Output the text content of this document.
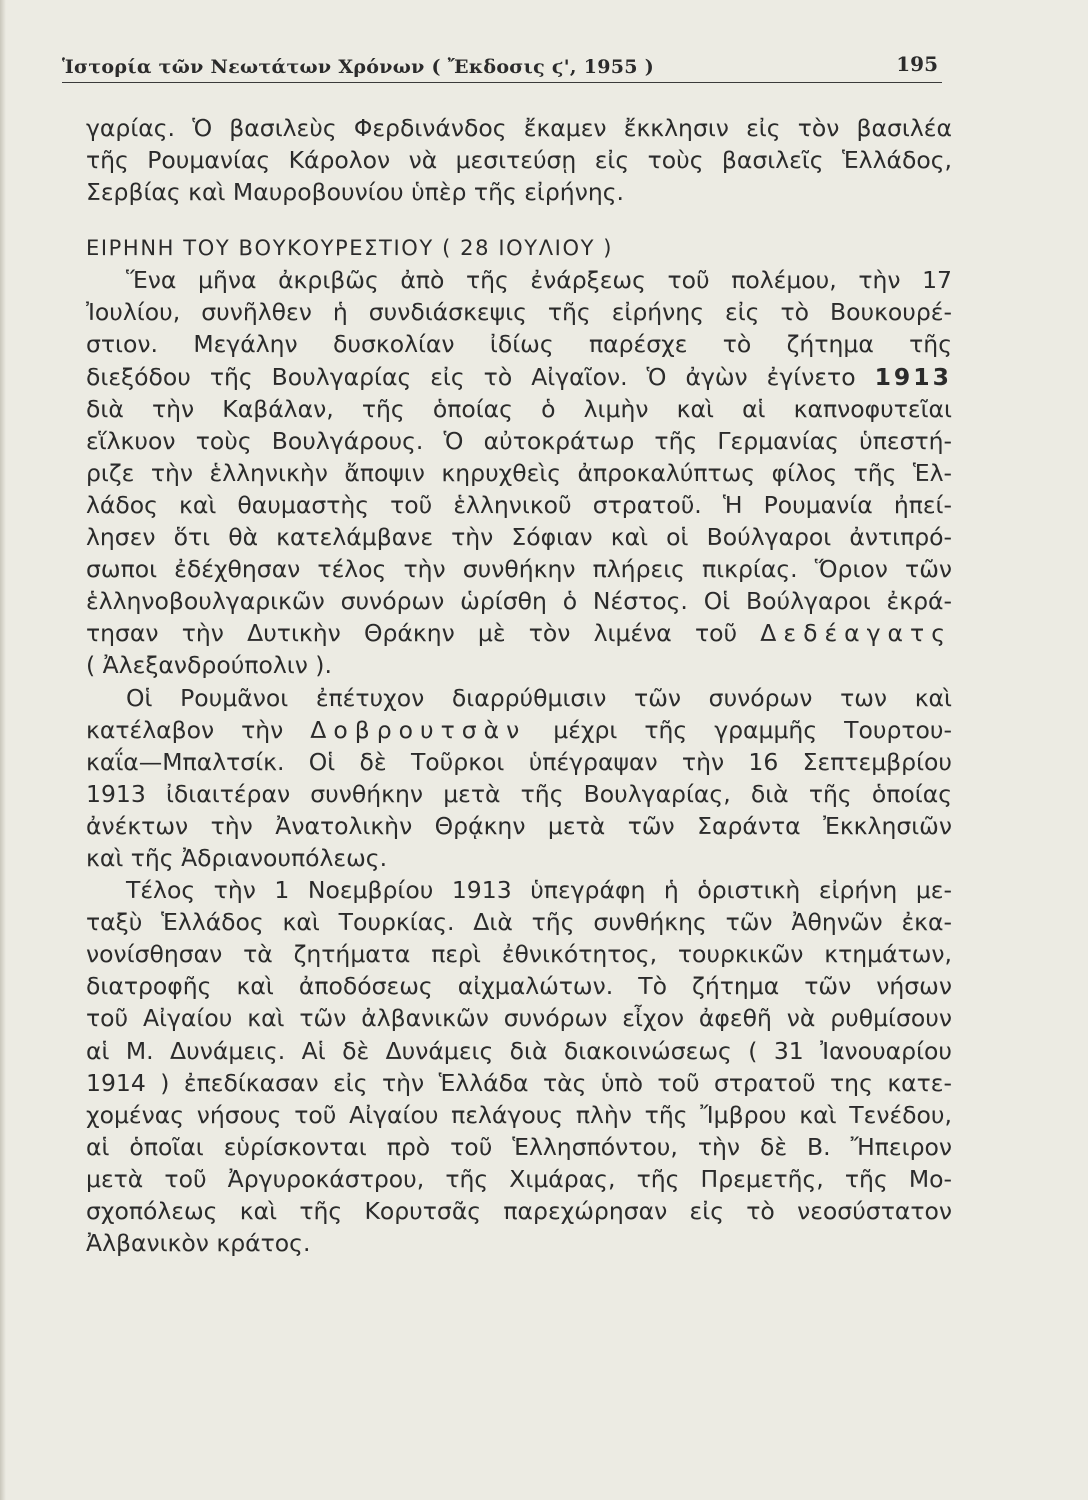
Ἱστορία τῶν Νεωτάτων Χρόνων ( Ἔκδοσις ϛ', 1955 )	195
γαρίας. Ὁ βασιλεὺς Φερδινάνδος ἔκαμεν ἔκκλησιν εἰς τὸν βασιλέα
τῆς Ρουμανίας Κάρολον νὰ μεσιτεύσῃ εἰς τοὺς βασιλεῖς Ἑλλάδος,
Σερβίας καὶ Μαυροβουνίου ὑπὲρ τῆς εἰρήνης.
ΕΙΡΗΝΗ ΤΟΥ ΒΟΥΚΟΥΡΕΣΤΙΟΥ ( 28 ΙΟΥΛΙΟΥ )
Ἕνα μῆνα ἀκριβῶς ἀπὸ τῆς ἐνάρξεως τοῦ πολέμου, τὴν 17
Ἰουλίου, συνῆλθεν ἡ συνδιάσκεψις τῆς εἰρήνης εἰς τὸ Βουκουρέ-
στιον. Μεγάλην δυσκολίαν ἰδίως παρέσχε τὸ ζήτημα τῆς
διεξόδου τῆς Βουλγαρίας εἰς τὸ Αἰγαῖον. Ὁ ἀγὼν ἐγίνετο 1913
διὰ τὴν Καβάλαν, τῆς ὁποίας ὁ λιμὴν καὶ αἱ καπνοφυτεῖαι
εἵλκυον τοὺς Βουλγάρους. Ὁ αὐτοκράτωρ τῆς Γερμανίας ὑπεστή-
ριζε τὴν ἑλληνικὴν ἄποψιν κηρυχθεὶς ἀπροκαλύπτως φίλος τῆς Ἑλ-
λάδος καὶ θαυμαστὴς τοῦ ἑλληνικοῦ στρατοῦ. Ἡ Ρουμανία ἠπεί-
λησεν ὅτι θὰ κατελάμβανε τὴν Σόφιαν καὶ οἱ Βούλγαροι ἀντιπρό-
σωποι ἐδέχθησαν τέλος τὴν συνθήκην πλήρεις πικρίας. Ὅριον τῶν
ἑλληνοβουλγαρικῶν συνόρων ὡρίσθη ὁ Νέστος. Οἱ Βούλγαροι ἐκρά-
τησαν τὴν Δυτικὴν Θράκην μὲ τὸν λιμένα τοῦ Δεδέαγατς
( Ἀλεξανδρούπολιν ).
Οἱ Ρουμᾶνοι ἐπέτυχον διαρρύθμισιν τῶν συνόρων των καὶ
κατέλαβον τὴν Δοβρουτσὰν μέχρι τῆς γραμμῆς Τουρτου-
καΐα—Μπαλτσίκ. Οἱ δὲ Τοῦρκοι ὑπέγραψαν τὴν 16 Σεπτεμβρίου
1913 ἰδιαιτέραν συνθήκην μετὰ τῆς Βουλγαρίας, διὰ τῆς ὁποίας
ἀνέκτων τὴν Ἀνατολικὴν Θρᾴκην μετὰ τῶν Σαράντα Ἐκκλησιῶν
καὶ τῆς Ἀδριανουπόλεως.
Τέλος τὴν 1 Νοεμβρίου 1913 ὑπεγράφη ἡ ὁριστικὴ εἰρήνη με-
ταξὺ Ἑλλάδος καὶ Τουρκίας. Διὰ τῆς συνθήκης τῶν Ἀθηνῶν ἐκα-
νονίσθησαν τὰ ζητήματα περὶ ἐθνικότητος, τουρκικῶν κτημάτων,
διατροφῆς καὶ ἀποδόσεως αἰχμαλώτων. Τὸ ζήτημα τῶν νήσων
τοῦ Αἰγαίου καὶ τῶν ἀλβανικῶν συνόρων εἶχον ἀφεθῆ νὰ ρυθμίσουν
αἱ Μ. Δυνάμεις. Αἱ δὲ Δυνάμεις διὰ διακοινώσεως ( 31 Ἰανουαρίου
1914 ) ἐπεδίκασαν εἰς τὴν Ἑλλάδα τὰς ὑπὸ τοῦ στρατοῦ της κατε-
χομένας νήσους τοῦ Αἰγαίου πελάγους πλὴν τῆς Ἴμβρου καὶ Τενέδου,
αἱ ὁποῖαι εὑρίσκονται πρὸ τοῦ Ἑλλησπόντου, τὴν δὲ Β. Ἤπειρον
μετὰ τοῦ Ἀργυροκάστρου, τῆς Χιμάρας, τῆς Πρεμετῆς, τῆς Μο-
σχοπόλεως καὶ τῆς Κορυτσᾶς παρεχώρησαν εἰς τὸ νεοσύστατον
Ἀλβανικὸν κράτος.
